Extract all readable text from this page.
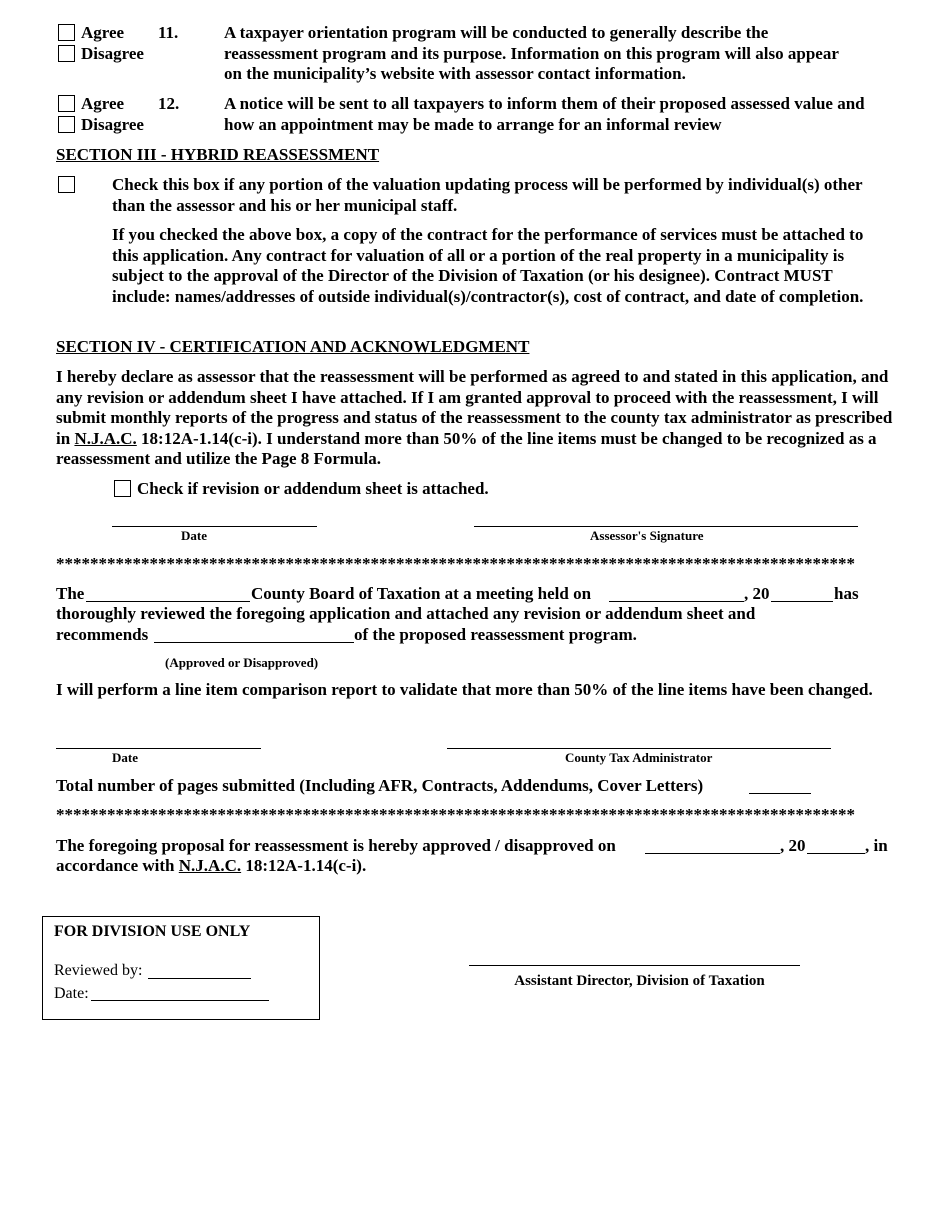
Agree
Disagree
11.	A taxpayer orientation program will be conducted to generally describe the reassessment program and its purpose. Information on this program will also appear on the municipality’s website with assessor contact information.
Agree
Disagree
12.	A notice will be sent to all taxpayers to inform them of their proposed assessed value and how an appointment may be made to arrange for an informal review
SECTION III - HYBRID REASSESSMENT
Check this box if any portion of the valuation updating process will be performed by individual(s) other than the assessor and his or her municipal staff.
If you checked the above box, a copy of the contract for the performance of services must be attached to this application. Any contract for valuation of all or a portion of the real property in a municipality is subject to the approval of the Director of the Division of Taxation (or his designee). Contract MUST include: names/addresses of outside individual(s)/contractor(s), cost of contract, and date of completion.
SECTION IV - CERTIFICATION AND ACKNOWLEDGMENT
I hereby declare as assessor that the reassessment will be performed as agreed to and stated in this application, and any revision or addendum sheet I have attached. If I am granted approval to proceed with the reassessment, I will submit monthly reports of the progress and status of the reassessment to the county tax administrator as prescribed in N.J.A.C. 18:12A-1.14(c-i). I understand more than 50% of the line items must be changed to be recognized as a reassessment and utilize the Page 8 Formula.
Check if revision or addendum sheet is attached.
Date	Assessor's Signature
**********************************************************************************************
The	County Board of Taxation at a meeting held on	, 20	has
thoroughly reviewed the foregoing application and attached any revision or addendum sheet and
recommends	of the proposed reassessment program.
(Approved or Disapproved)
I will perform a line item comparison report to validate that more than 50% of the line items have been changed.
Date	County Tax Administrator
Total number of pages submitted (Including AFR, Contracts, Addendums, Cover Letters)
**********************************************************************************************
The foregoing proposal for reassessment is hereby approved / disapproved on	, 20	, in
accordance with N.J.A.C. 18:12A-1.14(c-i).
FOR DIVISION USE ONLY
Reviewed by:
Date:
Assistant Director, Division of Taxation
